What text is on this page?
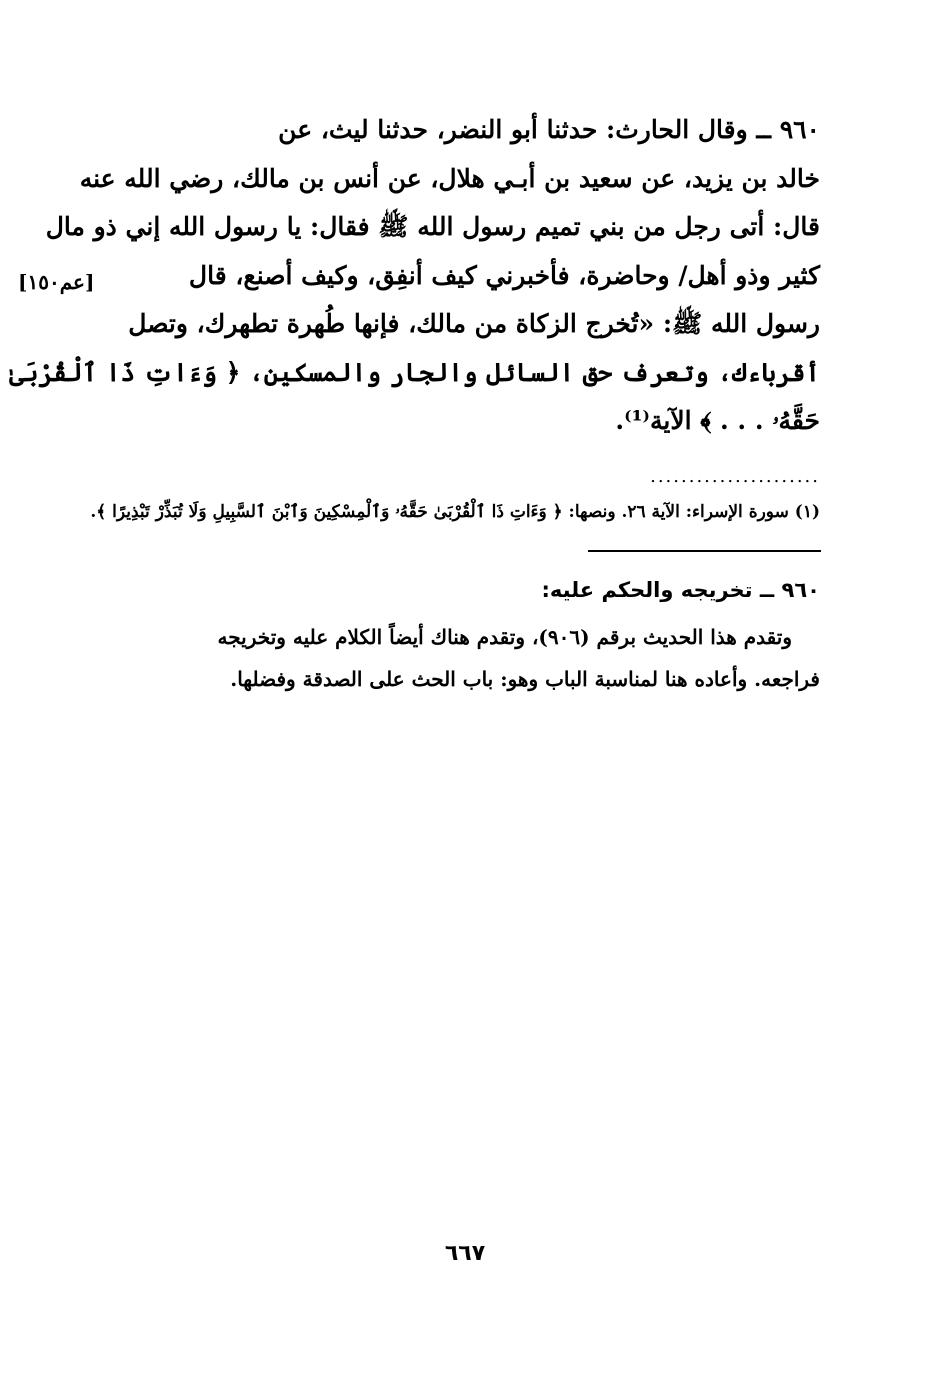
٩٦٠ ــ وقال الحارث: حدثنا أبو النضر، حدثنا ليث، عن
خالد بن يزيد، عن سعيد بن أبـي هلال، عن أنس بن مالك، رضي الله عنه
قال: أتى رجل من بني تميم رسول الله ﷺ فقال: يا رسول الله إني ذو مال
كثير وذو أهل/ وحاضرة، فأخبرني كيف أنفِق، وكيف أصنع، قال
رسول الله ﷺ: «تُخرج الزكاة من مالك، فإنها طُهرة تطهرك، وتصل
أقرباءك، وتعرف حق السائل والجار والمسكين، ﴿ وَءَاتِ ذَا ٱلْقُرْبَىٰ
حَقَّهُۥ . . . ﴾ الآية⁽¹⁾.
[عم١٥٠]
......................
(١) سورة الإسراء: الآية ٢٦. ونصها: ﴿ وَءَاتِ ذَا ٱلْقُرْبَىٰ حَقَّهُۥ وَٱلْمِسْكِينَ وَٱبْنَ ٱلسَّبِيلِ وَلَا تُبَذِّرْ تَبْذِيرًا ﴾.
٩٦٠ ــ تخريجه والحكم عليه:
وتقدم هذا الحديث برقم (٩٠٦)، وتقدم هناك أيضاً الكلام عليه وتخريجه
فراجعه. وأعاده هنا لمناسبة الباب وهو: باب الحث على الصدقة وفضلها.
٦٦٧
